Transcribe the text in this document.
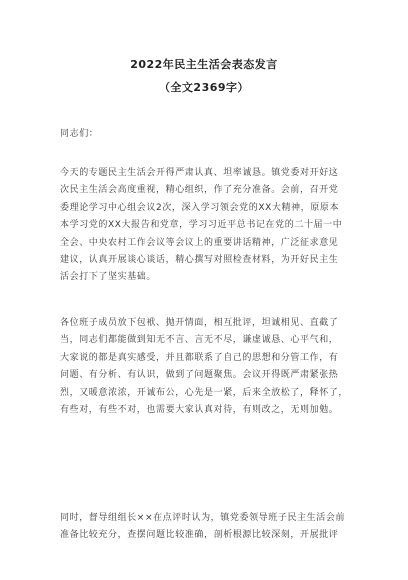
2022年民主生活会表态发言
（全文2369字）
同志们：
今天的专题民主生活会开得严肃认真、坦率诚恳。镇党委对开好这
次民主生活会高度重视，精心组织，作了充分准备。会前，召开党
委理论学习中心组会议2次，深入学习领会党的XX大精神，原原本
本学习党的XX大报告和党章，学习习近平总书记在党的二十届一中
全会、中央农村工作会议等会议上的重要讲话精神，广泛征求意见
建议，认真开展谈心谈话，精心撰写对照检查材料，为开好民主生
活会打下了坚实基础。
各位班子成员放下包袱、抛开情面，相互批评，坦诚相见、直截了
当，同志们都能做到知无不言、言无不尽，谦虚诚恳、心平气和，
大家说的都是真实感受，并且都联系了自己的思想和分管工作，有
问题、有分析、有认识，做到了问题聚焦。会议开得既严肃紧张热
烈，又暖意浓浓，开诚布公，心先是一紧，后来全放松了，释怀了，
有些对，有些不对，也需要大家认真对待，有则改之，无则加勉。
同时，督导组组长××在点评时认为，镇党委领导班子民主生活会前
准备比较充分，查摆问题比较准确，剖析根源比较深刻，开展批评
